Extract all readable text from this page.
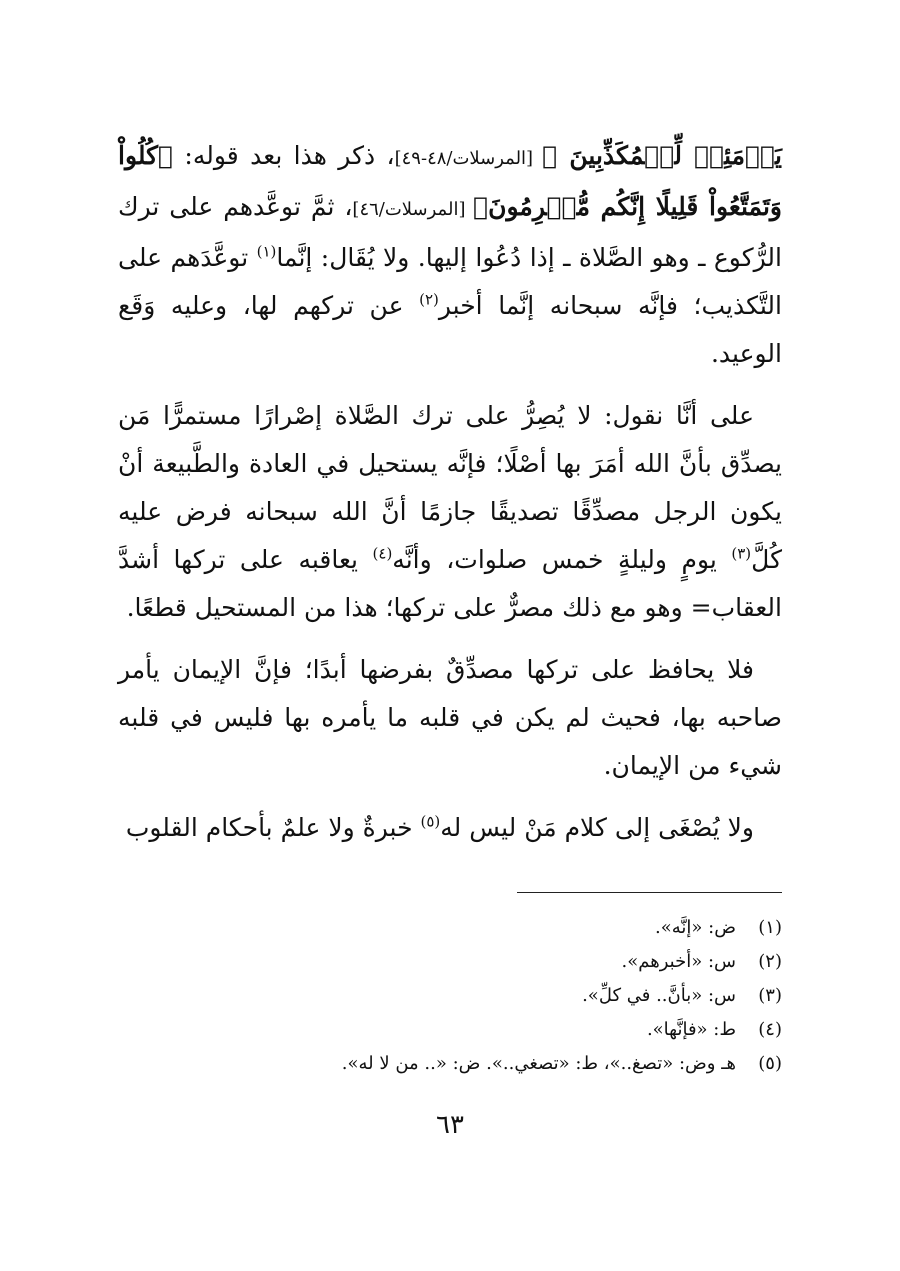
يَوۡمَئِذٖ لِّلۡمُكَذِّبِينَ ﴾ [المرسلات/٤٨-٤٩]، ذكر هذا بعد قوله: ﴿كُلُواْ وَتَمَتَّعُواْ قَلِيلًا إِنَّكُم مُّجۡرِمُونَ﴾ [المرسلات/٤٦]، ثمَّ توعَّدهم على ترك الرُّكوع ـ وهو الصَّلاة ـ إذا دُعُوا إليها. ولا يُقَال: إنَّما$^{(١)}$ توعَّدَهم على التَّكذيب؛ فإنَّه سبحانه إنَّما أخبر$^{(٢)}$ عن تركهم لها، وعليه وَقَع الوعيد.

على أنَّا نقول: لا يُصِرُّ على ترك الصَّلاة إصْرارًا مستمرًّا مَن يصدِّق بأنَّ الله أمَرَ بها أصْلًا؛ فإنَّه يستحيل في العادة والطَّبيعة أنْ يكون الرجل مصدِّقًا تصديقًا جازمًا أنَّ الله سبحانه فرض عليه كُلَّ$^{(٣)}$ يومٍ وليلةٍ خمس صلوات، وأنَّه$^{(٤)}$ يعاقبه على تركها أشدَّ العقاب= وهو مع ذلك مصرٌّ على تركها؛ هذا من المستحيل قطعًا.

فلا يحافظ على تركها مصدِّقٌ بفرضها أبدًا؛ فإنَّ الإيمان يأمر صاحبه بها، فحيث لم يكن في قلبه ما يأمره بها فليس في قلبه شيء من الإيمان.

ولا يُصْغَى إلى كلام مَنْ ليس له$^{(٥)}$ خبرةٌ ولا علمٌ بأحكام القلوب

(١)
ض: «إنَّه».
(٢)
س: «أخبرهم».
(٣)
س: «بأنَّ.. في كلِّ».
(٤)
ط: «فإنَّها».
(٥)
هـ وض: «تصغ..»، ط: «تصغي..». ض: «.. من لا له».
٦٣
